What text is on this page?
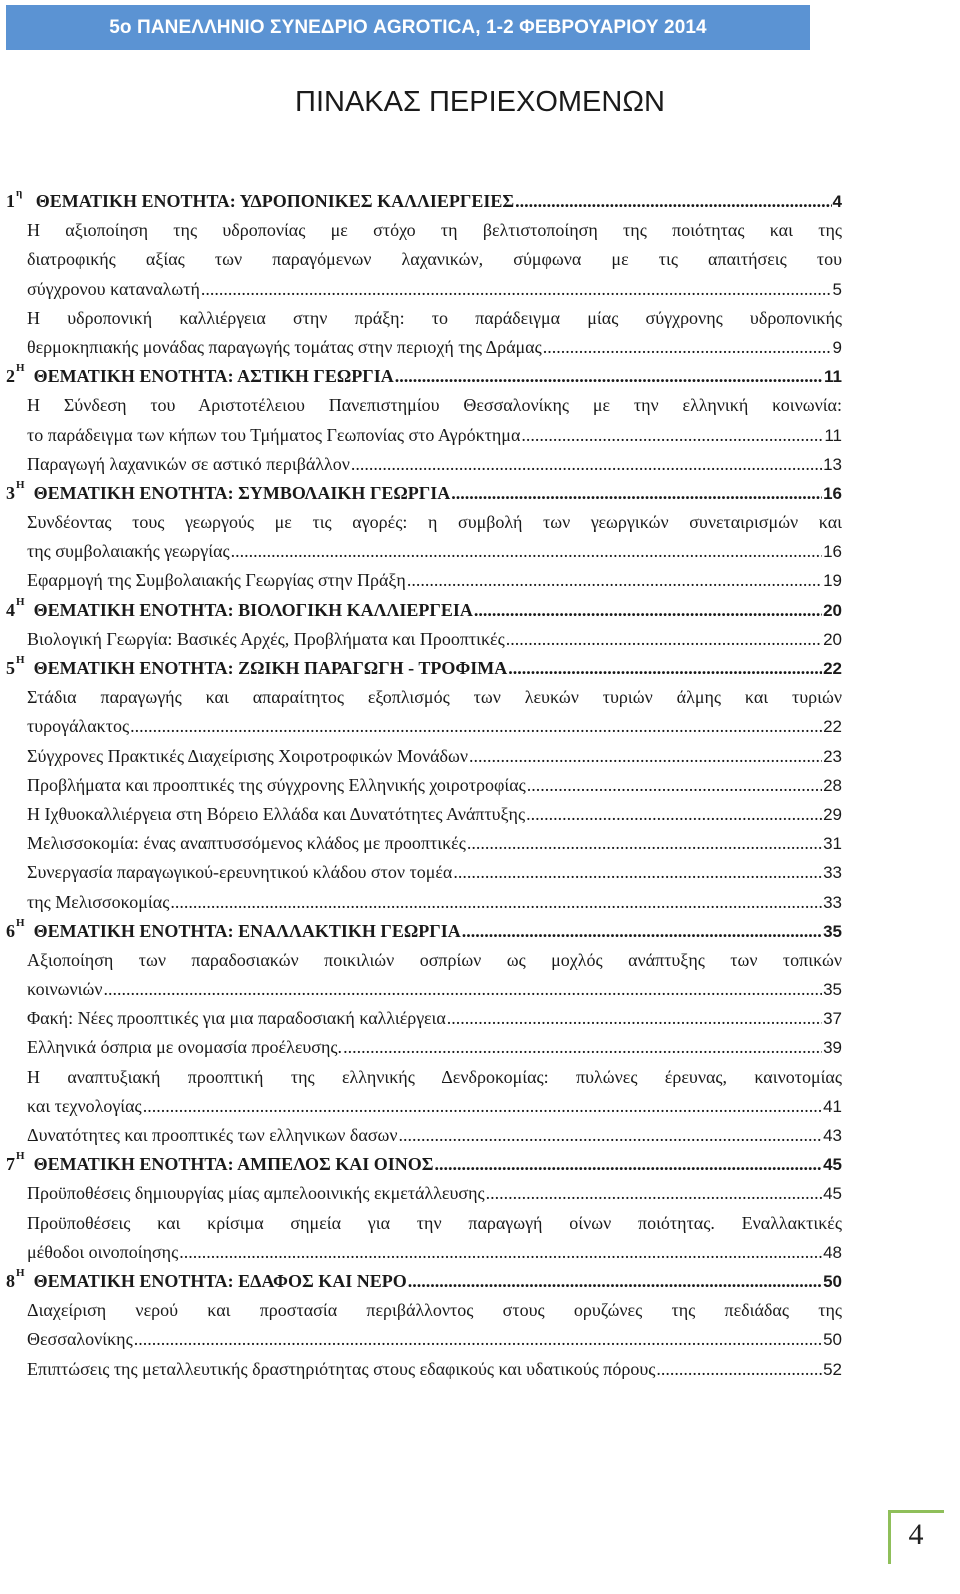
5ο ΠΑΝΕΛΛΗΝΙΟ ΣΥΝΕΔΡΙΟ AGROTICA, 1-2 ΦΕΒΡΟΥΑΡΙΟΥ 2014
ΠΙΝΑΚΑΣ ΠΕΡΙΕΧΟΜΕΝΩΝ
$1^\eta$ ΘΕΜΑΤΙΚΗ ΕΝΟΤΗΤΑ: ΥΔΡΟΠΟΝΙΚΕΣ ΚΑΛΛΙΕΡΓΕΙΕΣ .....	4
Η αξιοποίηση της υδροπονίας με στόχο τη βελτιστοποίηση της ποιότητας και της
διατροφικής αξίας των παραγόμενων λαχανικών, σύμφωνα με τις απαιτήσεις του
σύγχρονου καταναλωτή .....	5
Η υδροπονική καλλιέργεια στην πράξη: το παράδειγμα μίας σύγχρονης υδροπονικής
θερμοκηπιακής μονάδας παραγωγής τομάτας στην περιοχή της Δράμας .....	9
$2^H$ ΘΕΜΑΤΙΚΗ ΕΝΟΤΗΤΑ: ΑΣΤΙΚΗ ΓΕΩΡΓΙΑ .....	11
Η Σύνδεση του Αριστοτέλειου Πανεπιστημίου Θεσσαλονίκης με την ελληνική κοινωνία:
το παράδειγμα των κήπων του Τμήματος Γεωπονίας στο Αγρόκτημα .....	11
Παραγωγή λαχανικών σε αστικό περιβάλλον .....	13
$3^H$ ΘΕΜΑΤΙΚΗ ΕΝΟΤΗΤΑ: ΣΥΜΒΟΛΑΙΚΗ ΓΕΩΡΓΙΑ .....	16
Συνδέοντας τους γεωργούς με τις αγορές: η συμβολή των γεωργικών συνεταιρισμών και
της συμβολαιακής γεωργίας .....	16
Εφαρμογή της Συμβολαιακής Γεωργίας στην Πράξη .....	19
$4^H$ ΘΕΜΑΤΙΚΗ ΕΝΟΤΗΤΑ: ΒΙΟΛΟΓΙΚΗ ΚΑΛΛΙΕΡΓΕΙΑ .....	20
Βιολογική Γεωργία: Βασικές Αρχές, Προβλήματα και Προοπτικές .....	20
$5^H$ ΘΕΜΑΤΙΚΗ ΕΝΟΤΗΤΑ: ΖΩΙΚΗ ΠΑΡΑΓΩΓΗ - ΤΡΟΦΙΜΑ .....	22
Στάδια παραγωγής και απαραίτητος εξοπλισμός των λευκών τυριών άλμης και τυριών
τυρογάλακτος .....	22
Σύγχρονες Πρακτικές Διαχείρισης Χοιροτροφικών Μονάδων .....	23
Προβλήματα και προοπτικές της σύγχρονης Ελληνικής χοιροτροφίας .....	28
Η Ιχθυοκαλλιέργεια στη Βόρειο Ελλάδα και Δυνατότητες Ανάπτυξης .....	29
Μελισσοκομία: ένας αναπτυσσόμενος κλάδος με προοπτικές .....	31
Συνεργασία παραγωγικού-ερευνητικού κλάδου στον τομέα .....	33
της Μελισσοκομίας .....	33
$6^H$ ΘΕΜΑΤΙΚΗ ΕΝΟΤΗΤΑ: ΕΝΑΛΛΑΚΤΙΚΗ ΓΕΩΡΓΙΑ .....	35
Αξιοποίηση των παραδοσιακών ποικιλιών οσπρίων ως μοχλός ανάπτυξης των τοπικών
κοινωνιών .....	35
Φακή: Νέες προοπτικές για μια παραδοσιακή καλλιέργεια .....	37
Ελληνικά όσπρια με ονομασία προέλευσης. .....	39
Η αναπτυξιακή προοπτική της ελληνικής Δενδροκομίας: πυλώνες έρευνας, καινοτομίας
και τεχνολογίας .....	41
Δυνατότητες και προοπτικές των ελληνικων δασων .....	43
$7^H$ ΘΕΜΑΤΙΚΗ ΕΝΟΤΗΤΑ: ΑΜΠΕΛΟΣ ΚΑΙ ΟΙΝΟΣ .....	45
Προϋποθέσεις δημιουργίας μίας αμπελοοινικής εκμετάλλευσης .....	45
Προϋποθέσεις και κρίσιμα σημεία για την παραγωγή οίνων ποιότητας. Εναλλακτικές
μέθοδοι οινοποίησης .....	48
$8^H$ ΘΕΜΑΤΙΚΗ ΕΝΟΤΗΤΑ: ΕΔΑΦΟΣ ΚΑΙ ΝΕΡΟ .....	50
Διαχείριση νερού και προστασία περιβάλλοντος στους ορυζώνες της πεδιάδας της
Θεσσαλονίκης .....	50
Επιπτώσεις της μεταλλευτικής δραστηριότητας στους εδαφικούς και υδατικούς πόρους .....	52
4
